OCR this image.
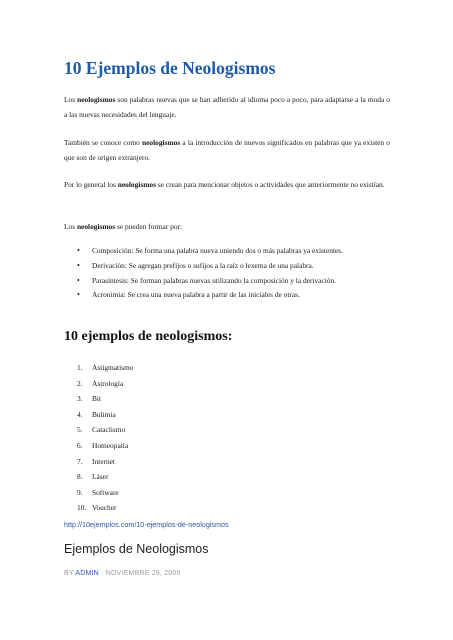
10 Ejemplos de Neologismos

Los neologismos son palabras nuevas que se han adherido al idioma poco a poco, para adaptarse a la moda o a las nuevas necesidades del lenguaje.

También se conoce como neologismos a la introducción de nuevos significados en palabras que ya existen o que son de origen extranjero.

Por lo general los neologismos se crean para mencionar objetos o actividades que anteriormente no existían.

Los neologismos se pueden formar por:

• Composición: Se forma una palabra nueva uniendo dos o más palabras ya existentes.
• Derivación: Se agregan prefijos o sufijos a la raíz o lexema de una palabra.
• Parasíntesis: Se forman palabras nuevas utilizando la composición y la derivación.
• Acronimia: Se crea una nueva palabra a partir de las iniciales de otras.
10 ejemplos de neologismos:
1. Astigmatismo
2. Astrología
3. Bit
4. Bulimia
5. Cataclismo
6. Homeopatía
7. Internet
8. Láser
9. Software
10. Voucher
http://10ejemplos.com/10-ejemplos-de-neologismos
Ejemplos de Neologismos
BY ADMIN · NOVIEMBRE 29, 2009
